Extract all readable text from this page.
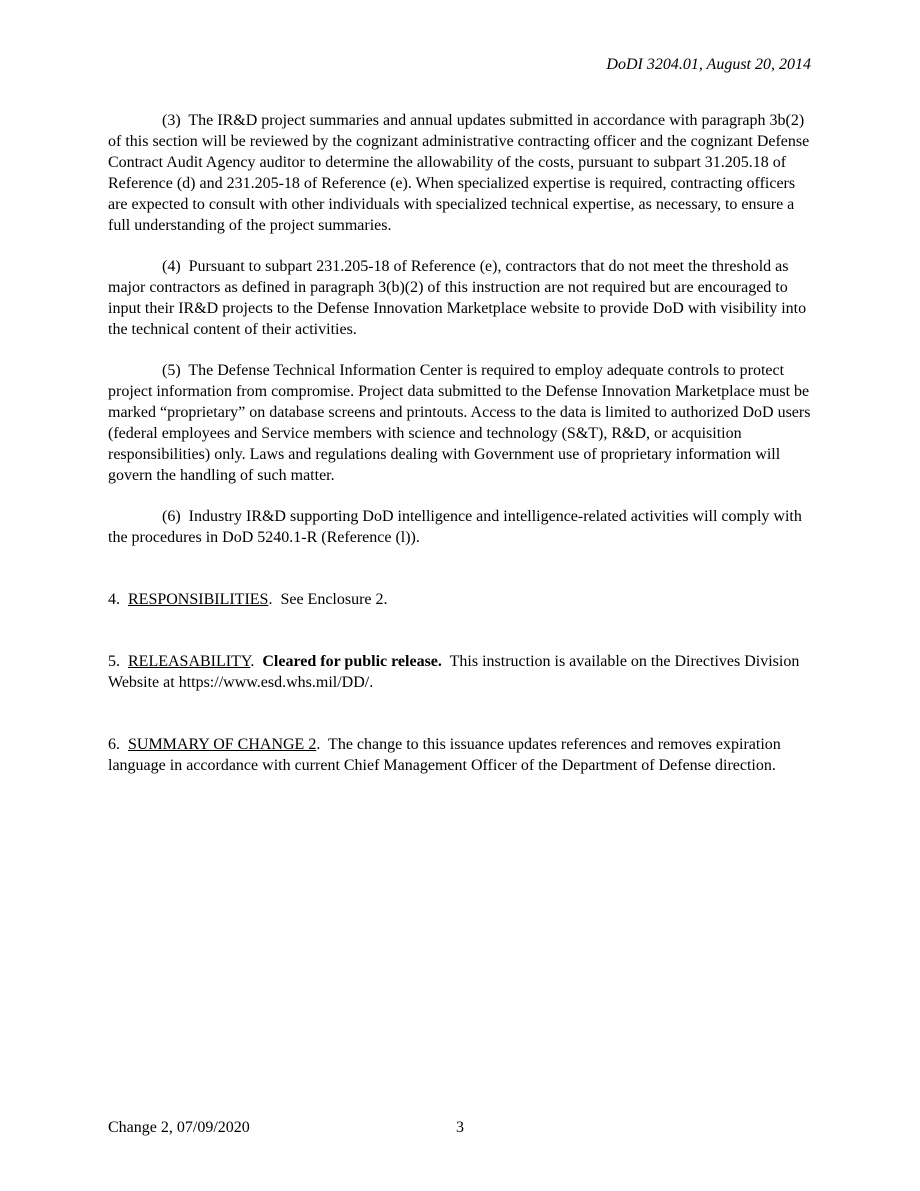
DoDI 3204.01, August 20, 2014

(3) The IR&D project summaries and annual updates submitted in accordance with paragraph 3b(2) of this section will be reviewed by the cognizant administrative contracting officer and the cognizant Defense Contract Audit Agency auditor to determine the allowability of the costs, pursuant to subpart 31.205.18 of Reference (d) and 231.205-18 of Reference (e). When specialized expertise is required, contracting officers are expected to consult with other individuals with specialized technical expertise, as necessary, to ensure a full understanding of the project summaries.

(4) Pursuant to subpart 231.205-18 of Reference (e), contractors that do not meet the threshold as major contractors as defined in paragraph 3(b)(2) of this instruction are not required but are encouraged to input their IR&D projects to the Defense Innovation Marketplace website to provide DoD with visibility into the technical content of their activities.

(5) The Defense Technical Information Center is required to employ adequate controls to protect project information from compromise. Project data submitted to the Defense Innovation Marketplace must be marked “proprietary” on database screens and printouts. Access to the data is limited to authorized DoD users (federal employees and Service members with science and technology (S&T), R&D, or acquisition responsibilities) only. Laws and regulations dealing with Government use of proprietary information will govern the handling of such matter.

(6) Industry IR&D supporting DoD intelligence and intelligence-related activities will comply with the procedures in DoD 5240.1-R (Reference (l)).

4. RESPONSIBILITIES.  See Enclosure 2.

5. RELEASABILITY.  Cleared for public release. This instruction is available on the Directives Division Website at https://www.esd.whs.mil/DD/.

6. SUMMARY OF CHANGE 2.  The change to this issuance updates references and removes expiration language in accordance with current Chief Management Officer of the Department of Defense direction.

Change 2, 07/09/2020	3
